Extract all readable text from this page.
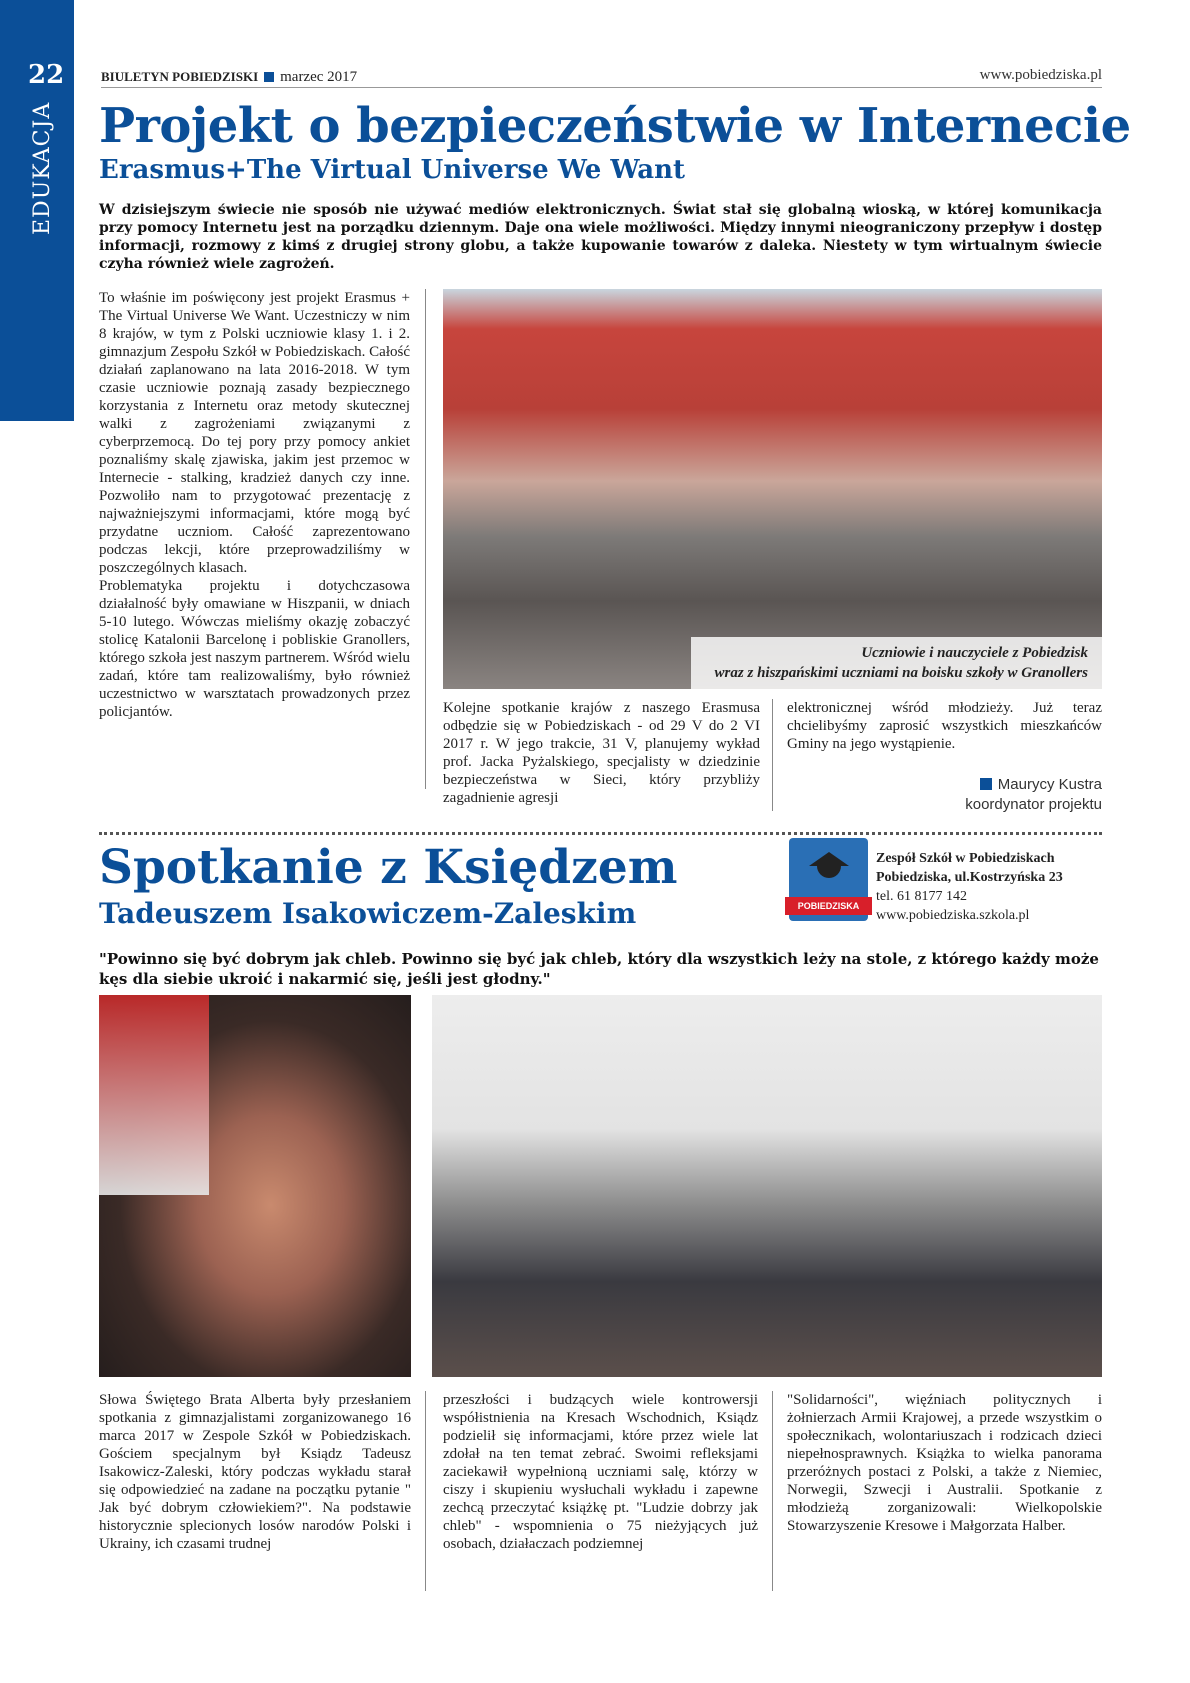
22
EDUKACJA
BIULETYN POBIEDZISKI marzec 2017	www.pobiedziska.pl
Projekt o bezpieczeństwie w Internecie
Erasmus+The Virtual Universe We Want
W dzisiejszym świecie nie sposób nie używać mediów elektronicznych. Świat stał się globalną wioską, w której komunikacja przy pomocy Internetu jest na porządku dziennym. Daje ona wiele możliwości. Między innymi nieograniczony przepływ i dostęp informacji, rozmowy z kimś z drugiej strony globu, a także kupowanie towarów z daleka. Niestety w tym wirtualnym świecie czyha również wiele zagrożeń.
To właśnie im poświęcony jest projekt Erasmus + The Virtual Universe We Want. Uczestniczy w nim 8 krajów, w tym z Polski uczniowie klasy 1. i 2. gimnazjum Zespołu Szkół w Pobiedziskach. Całość działań zaplanowano na lata 2016-2018. W tym czasie uczniowie poznają zasady bezpiecznego korzystania z Internetu oraz metody skutecznej walki z zagrożeniami związanymi z cyberprzemocą. Do tej pory przy pomocy ankiet poznaliśmy skalę zjawiska, jakim jest przemoc w Internecie - stalking, kradzież danych czy inne. Pozwoliło nam to przygotować prezentację z najważniejszymi informacjami, które mogą być przydatne uczniom. Całość zaprezentowano podczas lekcji, które przeprowadziliśmy w poszczególnych klasach.
Problematyka projektu i dotychczasowa działalność były omawiane w Hiszpanii, w dniach 5-10 lutego. Wówczas mieliśmy okazję zobaczyć stolicę Katalonii Barcelonę i pobliskie Granollers, którego szkoła jest naszym partnerem. Wśród wielu zadań, które tam realizowaliśmy, było również uczestnictwo w warsztatach prowadzonych przez policjantów.
Uczniowie i nauczyciele z Pobiedzisk
wraz z hiszpańskimi uczniami na boisku szkoły w Granollers
Kolejne spotkanie krajów z naszego Erasmusa odbędzie się w Pobiedziskach - od 29 V do 2 VI 2017 r. W jego trakcie, 31 V, planujemy wykład prof. Jacka Pyżalskiego, specjalisty w dziedzinie bezpieczeństwa w Sieci, który przybliży zagadnienie agresji
elektronicznej wśród młodzieży. Już teraz chcielibyśmy zaprosić wszystkich mieszkańców Gminy na jego wystąpienie.
Maurycy Kustra
koordynator projektu
Spotkanie z Księdzem
Tadeuszem Isakowiczem-Zaleskim	POBIEDZISKA
Zespół Szkół w Pobiedziskach
Pobiedziska, ul.Kostrzyńska 23
tel. 61 8177 142
www.pobiedziska.szkola.pl
"Powinno się być dobrym jak chleb. Powinno się być jak chleb, który dla wszystkich leży na stole, z którego każdy może kęs dla siebie ukroić i nakarmić się, jeśli jest głodny."
Słowa Świętego Brata Alberta były przesłaniem spotkania z gimnazjalistami zorganizowanego 16 marca 2017 w Zespole Szkół w Pobiedziskach. Gościem specjalnym był Ksiądz Tadeusz Isakowicz-Zaleski, który podczas wykładu starał się odpowiedzieć na zadane na początku pytanie " Jak być dobrym człowiekiem?". Na podstawie historycznie splecionych losów narodów Polski i Ukrainy, ich czasami trudnej
przeszłości i budzących wiele kontrowersji współistnienia na Kresach Wschodnich, Ksiądz podzielił się informacjami, które przez wiele lat zdołał na ten temat zebrać. Swoimi refleksjami zaciekawił wypełnioną uczniami salę, którzy w ciszy i skupieniu wysłuchali wykładu i zapewne zechcą przeczytać książkę pt. "Ludzie dobrzy jak chleb" - wspomnienia o 75 nieżyjących już osobach, działaczach podziemnej
"Solidarności", więźniach politycznych i żołnierzach Armii Krajowej, a przede wszystkim o społecznikach, wolontariuszach i rodzicach dzieci niepełnosprawnych. Książka to wielka panorama przeróżnych postaci z Polski, a także z Niemiec, Norwegii, Szwecji i Australii. Spotkanie z młodzieżą zorganizowali: Wielkopolskie Stowarzyszenie Kresowe i Małgorzata Halber.
